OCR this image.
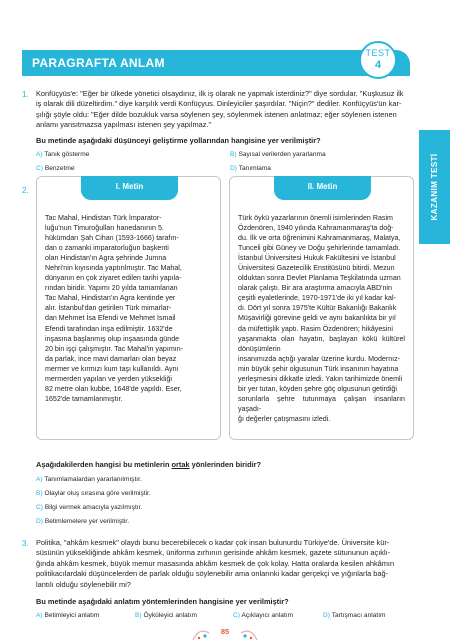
PARAGRAFTA ANLAM
TEST
4
KAZANIM TESTİ
1. Konfüçyüs'e: "Eğer bir ülkede yönetici olsaydınız, ilk iş olarak ne yapmak isterdiniz?" diye sordular. "Kuşkusuz ilk
iş olarak dili düzeltirdim." diye karşılık verdi Konfüçyus. Dinleyiciler şaşırdılar. "Niçin?" dediler. Konfüçyüs'ün kar-
şılığı şöyle oldu: "Eğer dilde bozukluk varsa söylenen şey, söylenmek istenen anlatmaz; eğer söylenen istenen
anlamı yansıtmazsa yapılması istenen şey yapılmaz."
Bu metinde aşağıdaki düşünceyi geliştirme yollarından hangisine yer verilmiştir?
A) Tanık gösterme	B) Sayısal verilerden yararlanma
C) Benzetme	D) Tanımlama
2.	I. Metin
Tac Mahal, Hindistan Türk İmparator-
luğu'nun Timuroğulları hanedanının 5.
hükümdarı Şah Cihan (1593-1666) tarafın-
dan o zamanki imparatorluğun başkenti
olan Hindistan'ın Agra şehrinde Jumna
Nehri'nin kıyısında yaptırılmıştır. Tac Mahal,
dünyanın en çok ziyaret edilen tarihi yapıla-
rından biridir. Yapımı 20 yılda tamamlanan
Tac Mahal, Hindistan'ın Agra kentinde yer
alır. İstanbul'dan getirilen Türk mimarlar-
dan Mehmet İsa Efendi ve Mehmet İsmail
Efendi tarafından inşa edilmiştir. 1632'de
inşasına başlanmış olup inşaasında günde
20 bin işçi çalışmıştır. Tac Mahal'in yapımın-
da parlak, ince mavi damarları olan beyaz
mermer ve kırmızı kum taşı kullanıldı. Aynı
mermerden yapılan ve yerden yüksekliği
82 metre olan kubbe, 1648'de yapıldı. Eser,
1652'de tamamlanmıştır.
II. Metin
Türk öykü yazarlarının önemli isimlerinden Rasim
Özdenören, 1940 yılında Kahramanmaraş'ta doğ-
du. İlk ve orta öğrenimini Kahramanmaraş, Malatya,
Tunceli gibi Güney ve Doğu şehirlerinde tamamladı.
İstanbul Üniversitesi Hukuk Fakültesini ve İstanbul
Üniversitesi Gazetecilik Enstitüsünü bitirdi. Mezun
olduktan sonra Devlet Planlama Teşkilatında uzman
olarak çalıştı. Bir ara araştırma amacıyla ABD'nin
çeşitli eyaletlerinde, 1970-1971'de iki yıl kadar kal-
dı. Dört yıl sonra 1975'te Kültür Bakanlığı Bakanlık
Müşavirliği görevine geldi ve aynı bakanlıkta bir yıl
da müfettişlik yaptı. Rasim Özdenören; hikâyesini
yaşanmakta olan hayatın, başlayan kökü kültürel dönüşümlerin
insanımızda açtığı yaralar üzerine kurdu. Modernız-
min büyük şehir olgusunun Türk insanının hayatına
yerleşmesini dikkatle izledi. Yakın tarihimizde önemli
bir yer tutan, köyden şehre göç olgusunun getirdiği
sorunlarla şehre tutunmaya çalışan insanların yaşadı-
ğı değerler çatışmasını izledi.
Aşağıdakilerden hangisi bu metinlerin ortak yönlerinden biridir?
A) Tanımlamalardan yararlanılmıştır.
B) Olaylar oluş sırasına göre verilmiştir.
C) Bilgi vermek amacıyla yazılmıştır.
D) Betimlemelere yer verilmiştir.
3. Politika, "ahkâm kesmek" olaydı bunu becerebilecek o kadar çok insan bulunurdu Türkiye'de. Üniversite kür-
süsünün yüksekliğinde ahkâm kesmek, üniforma zırhının gerisinde ahkâm kesmek, gazete sütununun açıklı-
ğında ahkâm kesmek, büyük memur masasında ahkâm kesmek de çok kolay. Hatta oralarda kesilen ahkâmın
politikacılardaki düşüncelerden de parlak olduğu söylenebilir ama onlarınki kadar gerçekçi ve yığınlarla bağ-
lantılı olduğu söylenebilir mi?
Bu metinde aşağıdaki anlatım yöntemlerinden hangisine yer verilmiştir?
A) Betimleyici anlatım	B) Öyküleyici anlatım	C) Açıklayıcı anlatım	D) Tartışmacı anlatım
85
